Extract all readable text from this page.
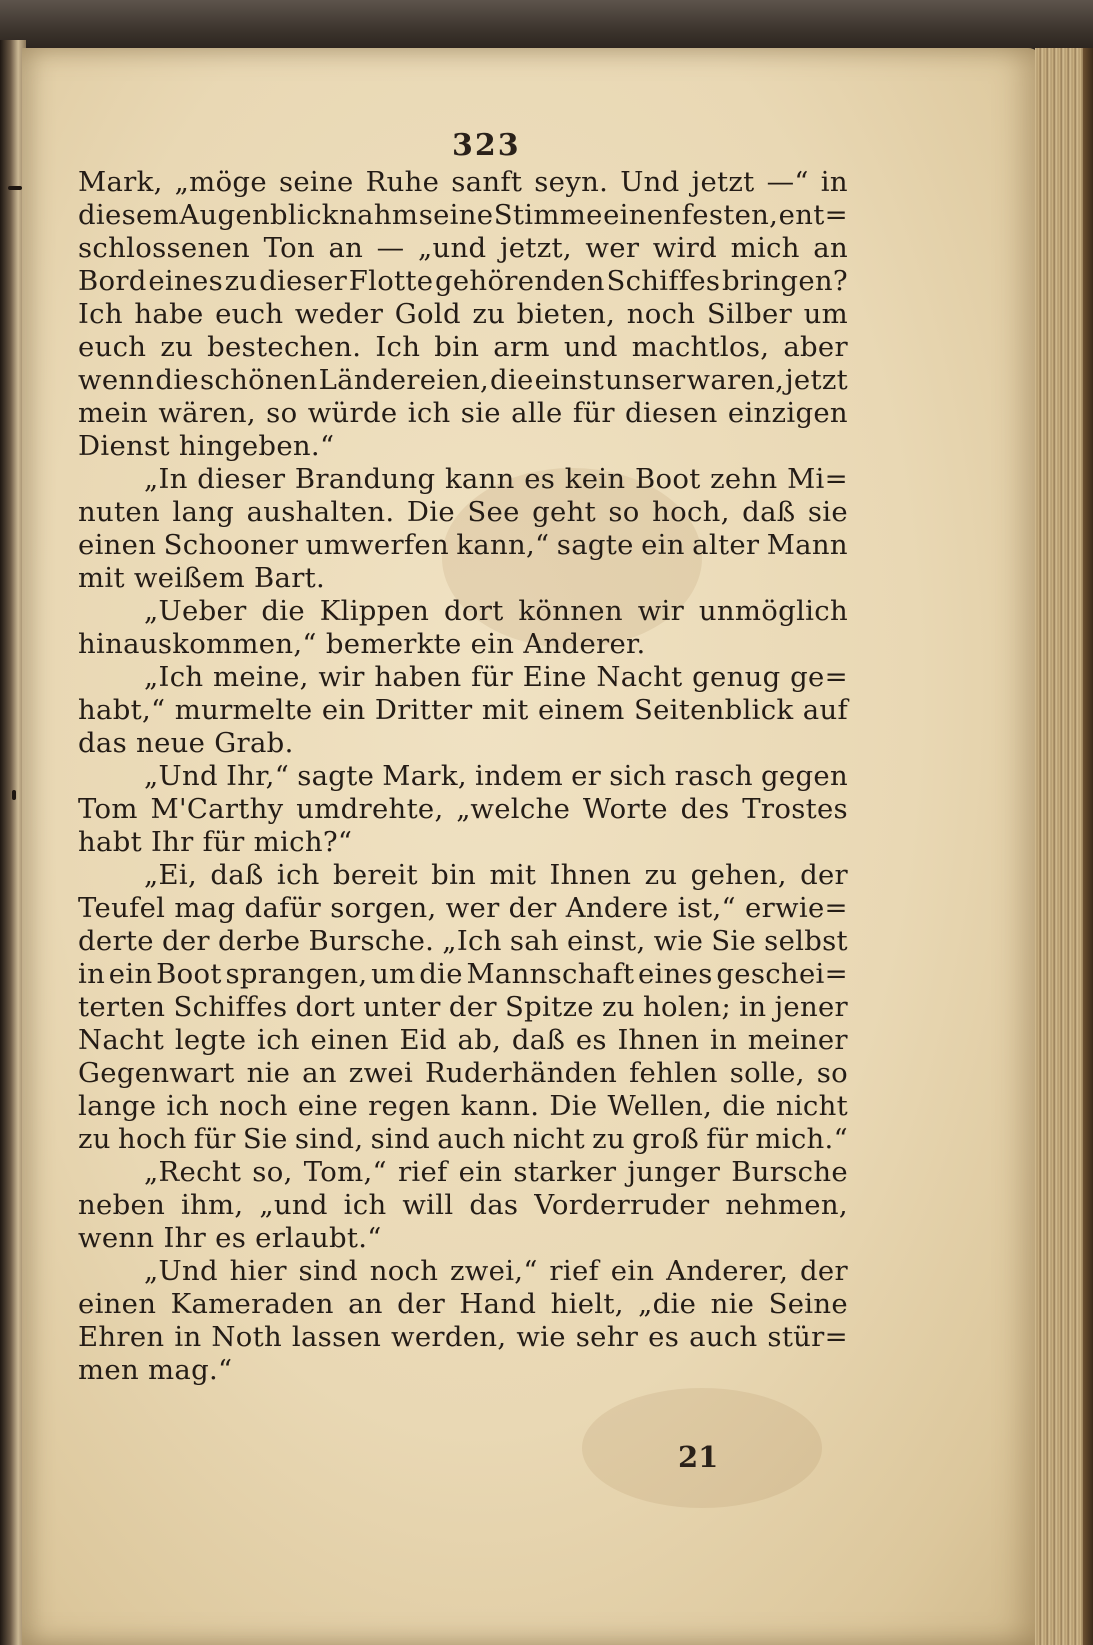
323
Mark, „möge seine Ruhe sanft seyn. Und jetzt —“ in
diesem Augenblick nahm seine Stimme einen festen, ent=
schlossenen Ton an — „und jetzt, wer wird mich an
Bord eines zu dieser Flotte gehörenden Schiffes bringen?
Ich habe euch weder Gold zu bieten, noch Silber um
euch zu bestechen. Ich bin arm und machtlos, aber
wenn die schönen Ländereien, die einst unser waren, jetzt
mein wären, so würde ich sie alle für diesen einzigen
Dienst hingeben.“
„In dieser Brandung kann es kein Boot zehn Mi=
nuten lang aushalten. Die See geht so hoch, daß sie
einen Schooner umwerfen kann,“ sagte ein alter Mann
mit weißem Bart.
„Ueber die Klippen dort können wir unmöglich
hinauskommen,“ bemerkte ein Anderer.
„Ich meine, wir haben für Eine Nacht genug ge=
habt,“ murmelte ein Dritter mit einem Seitenblick auf
das neue Grab.
„Und Ihr,“ sagte Mark, indem er sich rasch gegen
Tom M'Carthy umdrehte, „welche Worte des Trostes
habt Ihr für mich?“
„Ei, daß ich bereit bin mit Ihnen zu gehen, der
Teufel mag dafür sorgen, wer der Andere ist,“ erwie=
derte der derbe Bursche. „Ich sah einst, wie Sie selbst
in ein Boot sprangen, um die Mannschaft eines geschei=
terten Schiffes dort unter der Spitze zu holen; in jener
Nacht legte ich einen Eid ab, daß es Ihnen in meiner
Gegenwart nie an zwei Ruderhänden fehlen solle, so
lange ich noch eine regen kann. Die Wellen, die nicht
zu hoch für Sie sind, sind auch nicht zu groß für mich.“
„Recht so, Tom,“ rief ein starker junger Bursche
neben ihm, „und ich will das Vorderruder nehmen,
wenn Ihr es erlaubt.“
„Und hier sind noch zwei,“ rief ein Anderer, der
einen Kameraden an der Hand hielt, „die nie Seine
Ehren in Noth lassen werden, wie sehr es auch stür=
men mag.“
21
